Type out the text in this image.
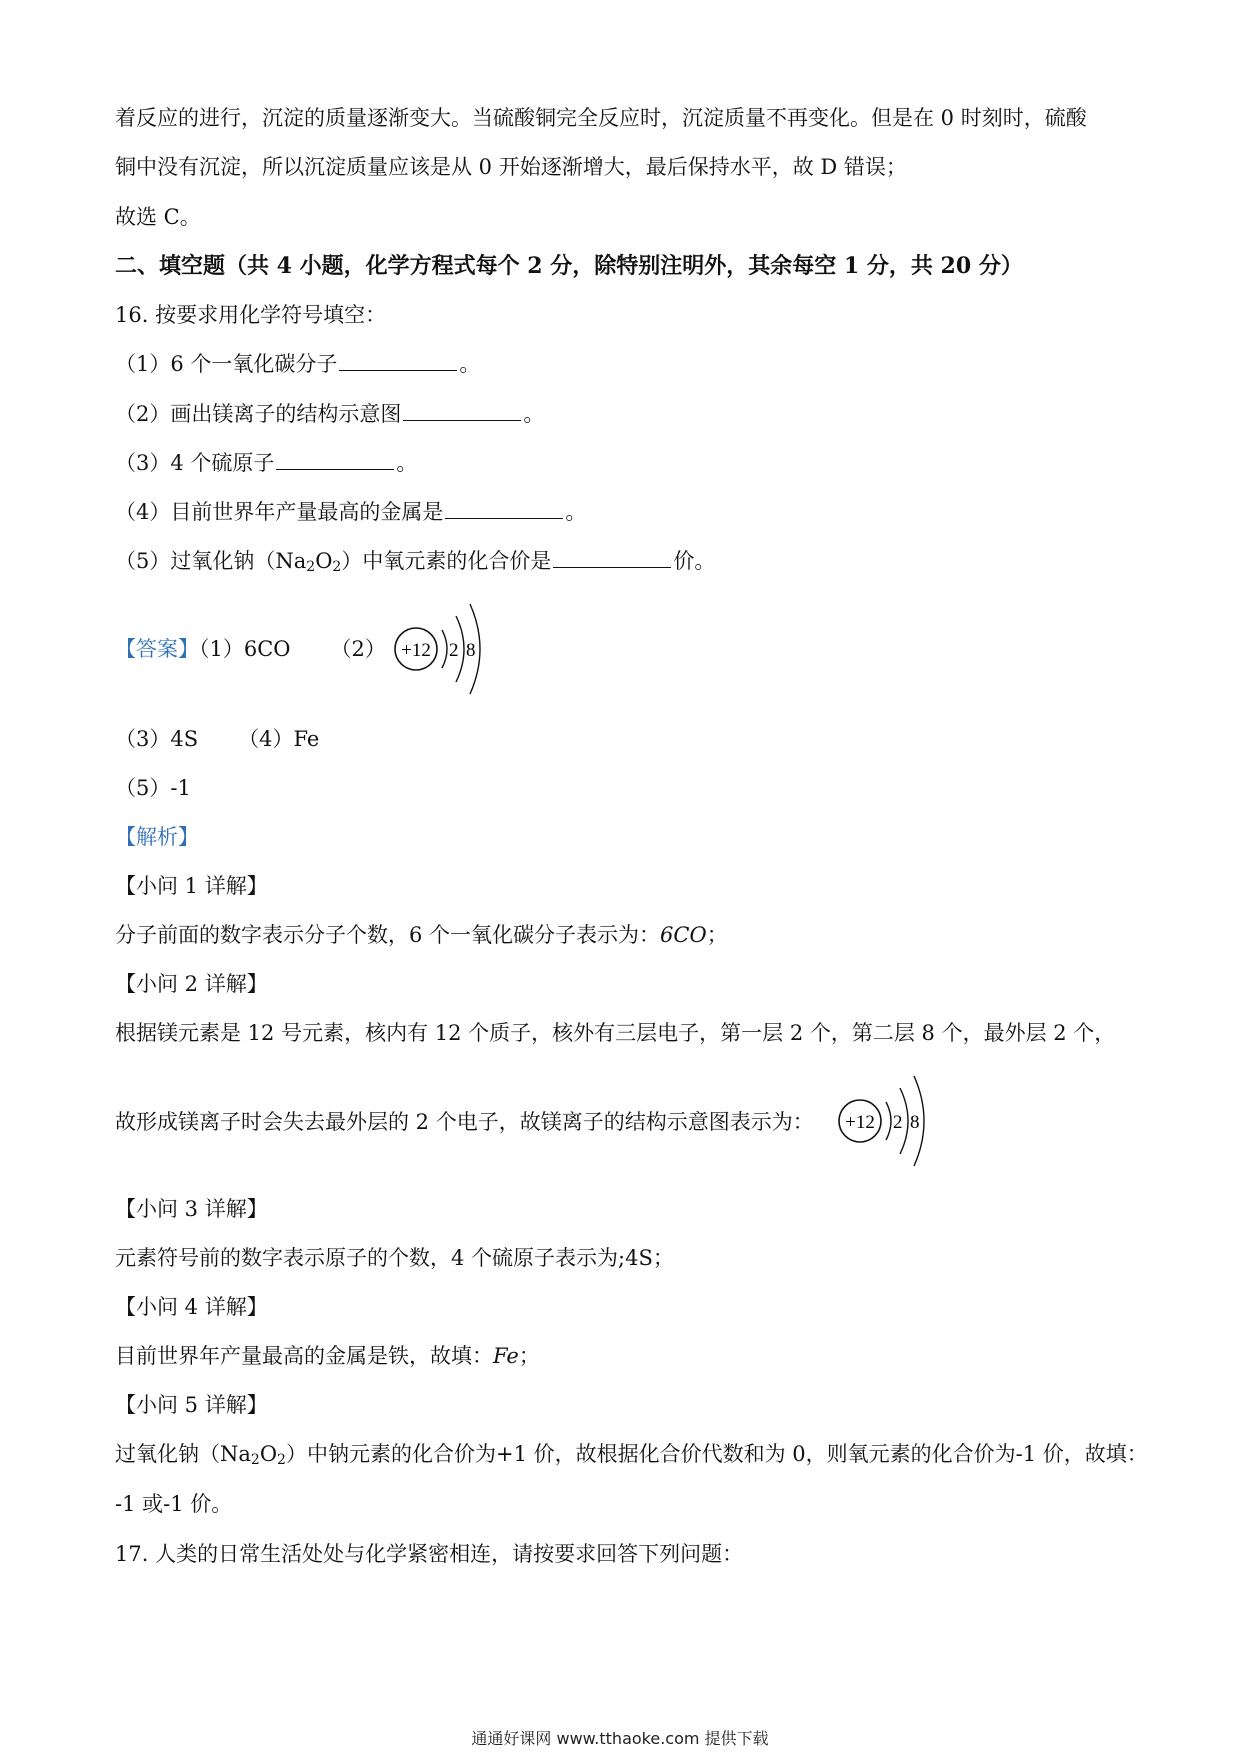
着反应的进行，沉淀的质量逐渐变大。当硫酸铜完全反应时，沉淀质量不再变化。但是在 0 时刻时，硫酸
铜中没有沉淀，所以沉淀质量应该是从 0 开始逐渐增大，最后保持水平，故 D 错误；
故选 C。
二、填空题（共 4 小题，化学方程式每个 2 分，除特别注明外，其余每空 1 分，共 20 分）
16. 按要求用化学符号填空：
（1）6 个一氧化碳分子	。
（2）画出镁离子的结构示意图	。
（3）4 个硫原子	。
（4）目前世界年产量最高的金属是	。
（5）过氧化钠$(Na_2O_2)$中氧元素的化合价是	价。
【答案】（1）6CO （2） +12 2 8
（3）4S （4）Fe
（5）-1
【解析】
【小问 1 详解】
分子前面的数字表示分子个数，6 个一氧化碳分子表示为：6CO；
【小问 2 详解】
根据镁元素是 12 号元素，核内有 12 个质子，核外有三层电子，第一层 2 个，第二层 8 个，最外层 2 个，
故形成镁离子时会失去最外层的 2 个电子，故镁离子的结构示意图表示为： +12 2 8
【小问 3 详解】
元素符号前的数字表示原子的个数，4 个硫原子表示为;4S；
【小问 4 详解】
目前世界年产量最高的金属是铁，故填：Fe；
【小问 5 详解】
过氧化钠$(Na_2O_2)$中钠元素的化合价为+1 价，故根据化合价代数和为 0，则氧元素的化合价为-1 价，故填：
-1 或-1 价。
17. 人类的日常生活处处与化学紧密相连，请按要求回答下列问题：
通通好课网 www.tthaoke.com 提供下载
